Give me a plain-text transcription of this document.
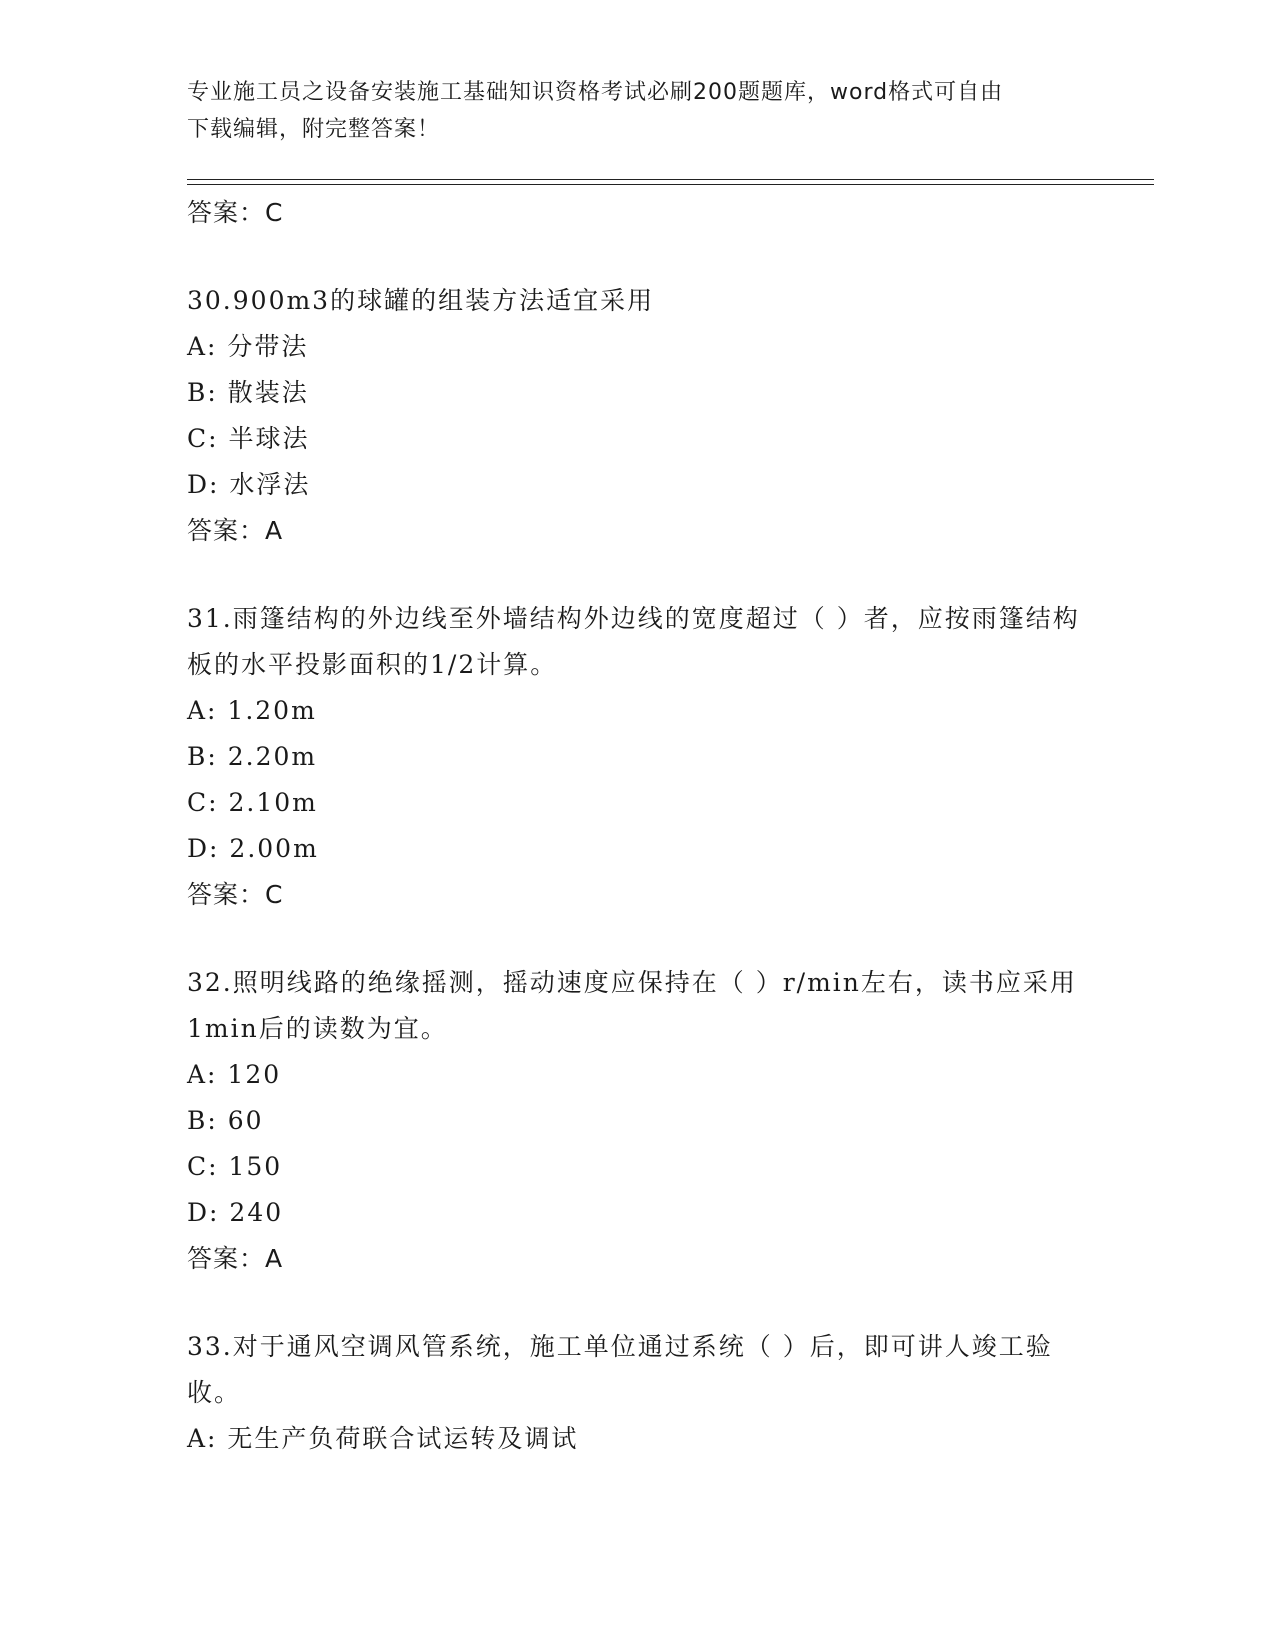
专业施工员之设备安装施工基础知识资格考试必刷200题题库，word格式可自由
下载编辑，附完整答案！
答案：C
30.900m3的球罐的组装方法适宜采用
A: 分带法
B: 散装法
C: 半球法
D: 水浮法
答案：A
31.雨篷结构的外边线至外墙结构外边线的宽度超过（ ）者，应按雨篷结构板的水平投影面积的1/2计算。
A: 1.20m
B: 2.20m
C: 2.10m
D: 2.00m
答案：C
32.照明线路的绝缘摇测，摇动速度应保持在（ ）r/min左右，读书应采用1min后的读数为宜。
A: 120
B: 60
C: 150
D: 240
答案：A
33.对于通风空调风管系统，施工单位通过系统（ ）后，即可讲人竣工验收。
A: 无生产负荷联合试运转及调试
